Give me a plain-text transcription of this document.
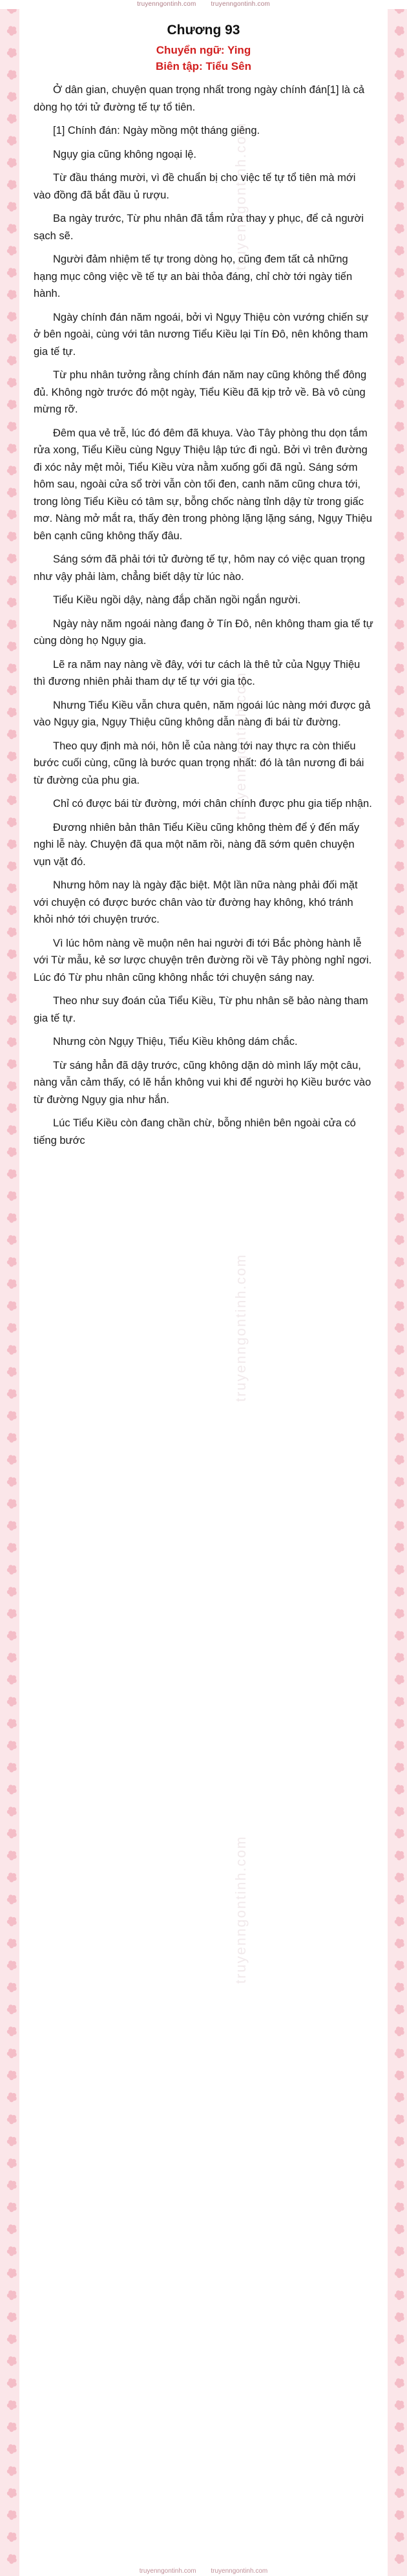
truyenngontinh.com truyenngontinh.com
Chương 93
Chuyển ngữ: Ying
Biên tập: Tiểu Sên
truyenngontinh.com
truyenngontinh.com
truyenngontinh.com
truyenngontinh.com

Ở dân gian, chuyện quan trọng nhất trong ngày chính đán[1] là cả dòng họ tới tử đường tế tự tổ tiên.

[1] Chính đán: Ngày mồng một tháng giêng.

Ngụy gia cũng không ngoại lệ.

Từ đầu tháng mười, vì đề chuẩn bị cho việc tế tự tổ tiên mà mới vào đồng đã bắt đầu ủ rượu.

Ba ngày trước, Từ phu nhân đã tắm rửa thay y phục, để cả người sạch sẽ.

Người đảm nhiệm tế tự trong dòng họ, cũng đem tất cả những hạng mục công việc về tế tự an bài thỏa đáng, chỉ chờ tới ngày tiến hành.

Ngày chính đán năm ngoái, bởi vì Ngụy Thiệu còn vướng chiến sự ở bên ngoài, cùng với tân nương Tiểu Kiều lại Tín Đô, nên không tham gia tế tự.

Từ phu nhân tưởng rằng chính đán năm nay cũng không thể đông đủ. Không ngờ trước đó một ngày, Tiểu Kiều đã kịp trở về. Bà vô cùng mừng rỡ.

Đêm qua vẻ trễ, lúc đó đêm đã khuya. Vào Tây phòng thu dọn tắm rửa xong, Tiểu Kiều cùng Ngụy Thiệu lập tức đi ngủ. Bởi vì trên đường đi xóc nảy mệt mỏi, Tiểu Kiều vừa nằm xuống gối đã ngủ. Sáng sớm hôm sau, ngoài cửa sổ trời vẫn còn tối đen, canh năm cũng chưa tới, trong lòng Tiểu Kiều có tâm sự, bỗng chốc nàng tỉnh dậy từ trong giấc mơ. Nàng mở mắt ra, thấy đèn trong phòng lặng lặng sáng, Ngụy Thiệu bên cạnh cũng không thấy đâu.

Sáng sớm đã phải tới tử đường tế tự, hôm nay có việc quan trọng như vậy phải làm, chẳng biết dậy từ lúc nào.

Tiểu Kiều ngồi dậy, nàng đắp chăn ngồi ngắn người.

Ngày này năm ngoái nàng đang ở Tín Đô, nên không tham gia tế tự cùng dòng họ Ngụy gia.

Lẽ ra năm nay nàng về đây, với tư cách là thê tử của Ngụy Thiệu thì đương nhiên phải tham dự tế tự với gia tộc.

Nhưng Tiểu Kiều vẫn chưa quên, năm ngoái lúc nàng mới được gả vào Ngụy gia, Ngụy Thiệu cũng không dẫn nàng đi bái từ đường.

Theo quy định mà nói, hôn lễ của nàng tới nay thực ra còn thiếu bước cuối cùng, cũng là bước quan trọng nhất: đó là tân nương đi bái từ đường của phu gia.

Chỉ có được bái từ đường, mới chân chính được phu gia tiếp nhận.

Đương nhiên bản thân Tiểu Kiều cũng không thèm để ý đến mấy nghi lễ này. Chuyện đã qua một năm rồi, nàng đã sớm quên chuyện vụn vặt đó.

Nhưng hôm nay là ngày đặc biệt. Một lần nữa nàng phải đối mặt với chuyện có được bước chân vào từ đường hay không, khó tránh khỏi nhớ tới chuyện trước.

Vì lúc hôm nàng về muộn nên hai người đi tới Bắc phòng hành lễ với Từ mẫu, kẻ sơ lược chuyện trên đường rồi về Tây phòng nghỉ ngơi. Lúc đó Từ phu nhân cũng không nhắc tới chuyện sáng nay.

Theo như suy đoán của Tiểu Kiều, Từ phu nhân sẽ bảo nàng tham gia tế tự.

Nhưng còn Ngụy Thiệu, Tiểu Kiều không dám chắc.

Từ sáng hẳn đã dậy trước, cũng không dặn dò mình lấy một câu, nàng vẫn cảm thấy, có lẽ hắn không vui khi để người họ Kiều bước vào từ đường Ngụy gia như hắn.

Lúc Tiểu Kiều còn đang chần chừ, bỗng nhiên bên ngoài cửa có tiếng bước

truyenngontinh.com truyenngontinh.com
